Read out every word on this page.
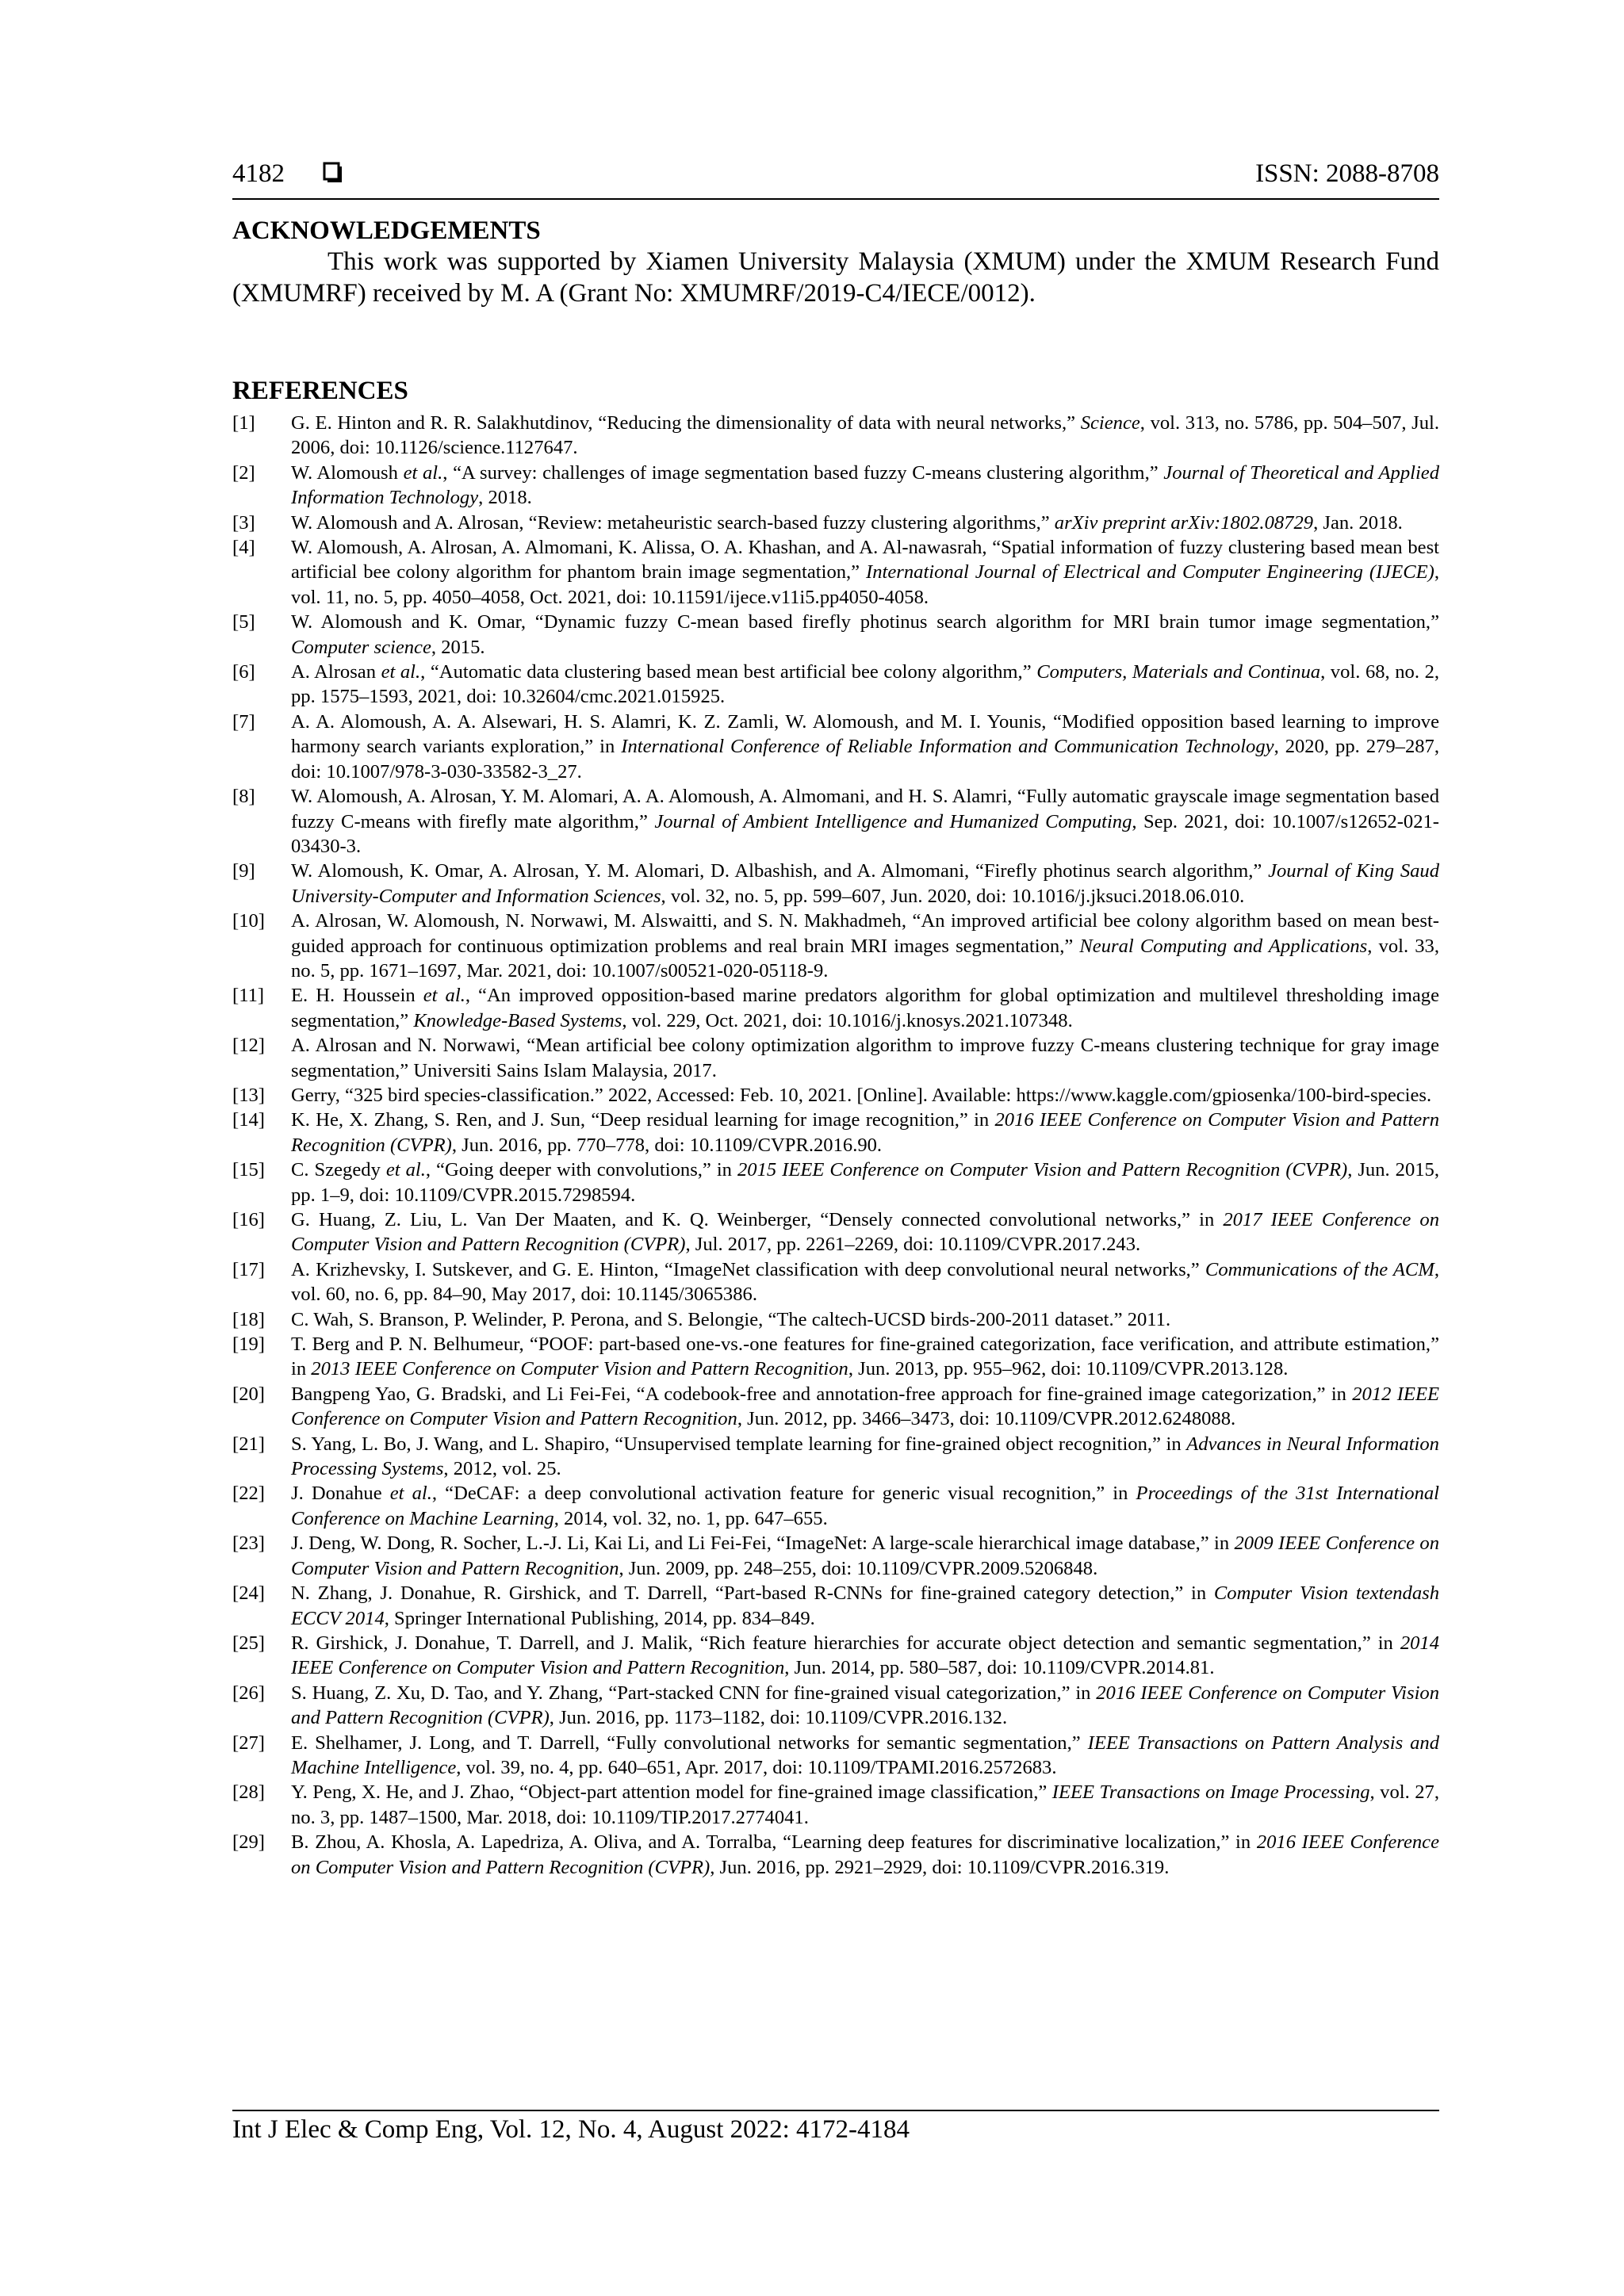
4182	ISSN: 2088-8708
ACKNOWLEDGEMENTS

This work was supported by Xiamen University Malaysia (XMUM) under the XMUM Research Fund (XMUMRF) received by M. A (Grant No: XMUMRF/2019-C4/IECE/0012).

REFERENCES
[1]	G. E. Hinton and R. R. Salakhutdinov, “Reducing the dimensionality of data with neural networks,” Science, vol. 313, no. 5786, pp. 504–507, Jul. 2006, doi: 10.1126/science.1127647.
[2]	W. Alomoush et al., “A survey: challenges of image segmentation based fuzzy C-means clustering algorithm,” Journal of Theoretical and Applied Information Technology, 2018.
[3]	W. Alomoush and A. Alrosan, “Review: metaheuristic search-based fuzzy clustering algorithms,” arXiv preprint arXiv:1802.08729, Jan. 2018.
[4]	W. Alomoush, A. Alrosan, A. Almomani, K. Alissa, O. A. Khashan, and A. Al-nawasrah, “Spatial information of fuzzy clustering based mean best artificial bee colony algorithm for phantom brain image segmentation,” International Journal of Electrical and Computer Engineering (IJECE), vol. 11, no. 5, pp. 4050–4058, Oct. 2021, doi: 10.11591/ijece.v11i5.pp4050-4058.
[5]	W. Alomoush and K. Omar, “Dynamic fuzzy C-mean based firefly photinus search algorithm for MRI brain tumor image segmentation,” Computer science, 2015.
[6]	A. Alrosan et al., “Automatic data clustering based mean best artificial bee colony algorithm,” Computers, Materials and Continua, vol. 68, no. 2, pp. 1575–1593, 2021, doi: 10.32604/cmc.2021.015925.
[7]	A. A. Alomoush, A. A. Alsewari, H. S. Alamri, K. Z. Zamli, W. Alomoush, and M. I. Younis, “Modified opposition based learning to improve harmony search variants exploration,” in International Conference of Reliable Information and Communication Technology, 2020, pp. 279–287, doi: 10.1007/978-3-030-33582-3_27.
[8]	W. Alomoush, A. Alrosan, Y. M. Alomari, A. A. Alomoush, A. Almomani, and H. S. Alamri, “Fully automatic grayscale image segmentation based fuzzy C-means with firefly mate algorithm,” Journal of Ambient Intelligence and Humanized Computing, Sep. 2021, doi: 10.1007/s12652-021-03430-3.
[9]	W. Alomoush, K. Omar, A. Alrosan, Y. M. Alomari, D. Albashish, and A. Almomani, “Firefly photinus search algorithm,” Journal of King Saud University-Computer and Information Sciences, vol. 32, no. 5, pp. 599–607, Jun. 2020, doi: 10.1016/j.jksuci.2018.06.010.
[10]	A. Alrosan, W. Alomoush, N. Norwawi, M. Alswaitti, and S. N. Makhadmeh, “An improved artificial bee colony algorithm based on mean best-guided approach for continuous optimization problems and real brain MRI images segmentation,” Neural Computing and Applications, vol. 33, no. 5, pp. 1671–1697, Mar. 2021, doi: 10.1007/s00521-020-05118-9.
[11]	E. H. Houssein et al., “An improved opposition-based marine predators algorithm for global optimization and multilevel thresholding image segmentation,” Knowledge-Based Systems, vol. 229, Oct. 2021, doi: 10.1016/j.knosys.2021.107348.
[12]	A. Alrosan and N. Norwawi, “Mean artificial bee colony optimization algorithm to improve fuzzy C-means clustering technique for gray image segmentation,” Universiti Sains Islam Malaysia, 2017.
[13]	Gerry, “325 bird species-classification.” 2022, Accessed: Feb. 10, 2021. [Online]. Available: https://www.kaggle.com/gpiosenka/100-bird-species.
[14]	K. He, X. Zhang, S. Ren, and J. Sun, “Deep residual learning for image recognition,” in 2016 IEEE Conference on Computer Vision and Pattern Recognition (CVPR), Jun. 2016, pp. 770–778, doi: 10.1109/CVPR.2016.90.
[15]	C. Szegedy et al., “Going deeper with convolutions,” in 2015 IEEE Conference on Computer Vision and Pattern Recognition (CVPR), Jun. 2015, pp. 1–9, doi: 10.1109/CVPR.2015.7298594.
[16]	G. Huang, Z. Liu, L. Van Der Maaten, and K. Q. Weinberger, “Densely connected convolutional networks,” in 2017 IEEE Conference on Computer Vision and Pattern Recognition (CVPR), Jul. 2017, pp. 2261–2269, doi: 10.1109/CVPR.2017.243.
[17]	A. Krizhevsky, I. Sutskever, and G. E. Hinton, “ImageNet classification with deep convolutional neural networks,” Communications of the ACM, vol. 60, no. 6, pp. 84–90, May 2017, doi: 10.1145/3065386.
[18]	C. Wah, S. Branson, P. Welinder, P. Perona, and S. Belongie, “The caltech-UCSD birds-200-2011 dataset.” 2011.
[19]	T. Berg and P. N. Belhumeur, “POOF: part-based one-vs.-one features for fine-grained categorization, face verification, and attribute estimation,” in 2013 IEEE Conference on Computer Vision and Pattern Recognition, Jun. 2013, pp. 955–962, doi: 10.1109/CVPR.2013.128.
[20]	Bangpeng Yao, G. Bradski, and Li Fei-Fei, “A codebook-free and annotation-free approach for fine-grained image categorization,” in 2012 IEEE Conference on Computer Vision and Pattern Recognition, Jun. 2012, pp. 3466–3473, doi: 10.1109/CVPR.2012.6248088.
[21]	S. Yang, L. Bo, J. Wang, and L. Shapiro, “Unsupervised template learning for fine-grained object recognition,” in Advances in Neural Information Processing Systems, 2012, vol. 25.
[22]	J. Donahue et al., “DeCAF: a deep convolutional activation feature for generic visual recognition,” in Proceedings of the 31st International Conference on Machine Learning, 2014, vol. 32, no. 1, pp. 647–655.
[23]	J. Deng, W. Dong, R. Socher, L.-J. Li, Kai Li, and Li Fei-Fei, “ImageNet: A large-scale hierarchical image database,” in 2009 IEEE Conference on Computer Vision and Pattern Recognition, Jun. 2009, pp. 248–255, doi: 10.1109/CVPR.2009.5206848.
[24]	N. Zhang, J. Donahue, R. Girshick, and T. Darrell, “Part-based R-CNNs for fine-grained category detection,” in Computer Vision textendash ECCV 2014, Springer International Publishing, 2014, pp. 834–849.
[25]	R. Girshick, J. Donahue, T. Darrell, and J. Malik, “Rich feature hierarchies for accurate object detection and semantic segmentation,” in 2014 IEEE Conference on Computer Vision and Pattern Recognition, Jun. 2014, pp. 580–587, doi: 10.1109/CVPR.2014.81.
[26]	S. Huang, Z. Xu, D. Tao, and Y. Zhang, “Part-stacked CNN for fine-grained visual categorization,” in 2016 IEEE Conference on Computer Vision and Pattern Recognition (CVPR), Jun. 2016, pp. 1173–1182, doi: 10.1109/CVPR.2016.132.
[27]	E. Shelhamer, J. Long, and T. Darrell, “Fully convolutional networks for semantic segmentation,” IEEE Transactions on Pattern Analysis and Machine Intelligence, vol. 39, no. 4, pp. 640–651, Apr. 2017, doi: 10.1109/TPAMI.2016.2572683.
[28]	Y. Peng, X. He, and J. Zhao, “Object-part attention model for fine-grained image classification,” IEEE Transactions on Image Processing, vol. 27, no. 3, pp. 1487–1500, Mar. 2018, doi: 10.1109/TIP.2017.2774041.
[29]	B. Zhou, A. Khosla, A. Lapedriza, A. Oliva, and A. Torralba, “Learning deep features for discriminative localization,” in 2016 IEEE Conference on Computer Vision and Pattern Recognition (CVPR), Jun. 2016, pp. 2921–2929, doi: 10.1109/CVPR.2016.319.
Int J Elec & Comp Eng, Vol. 12, No. 4, August 2022: 4172-4184
